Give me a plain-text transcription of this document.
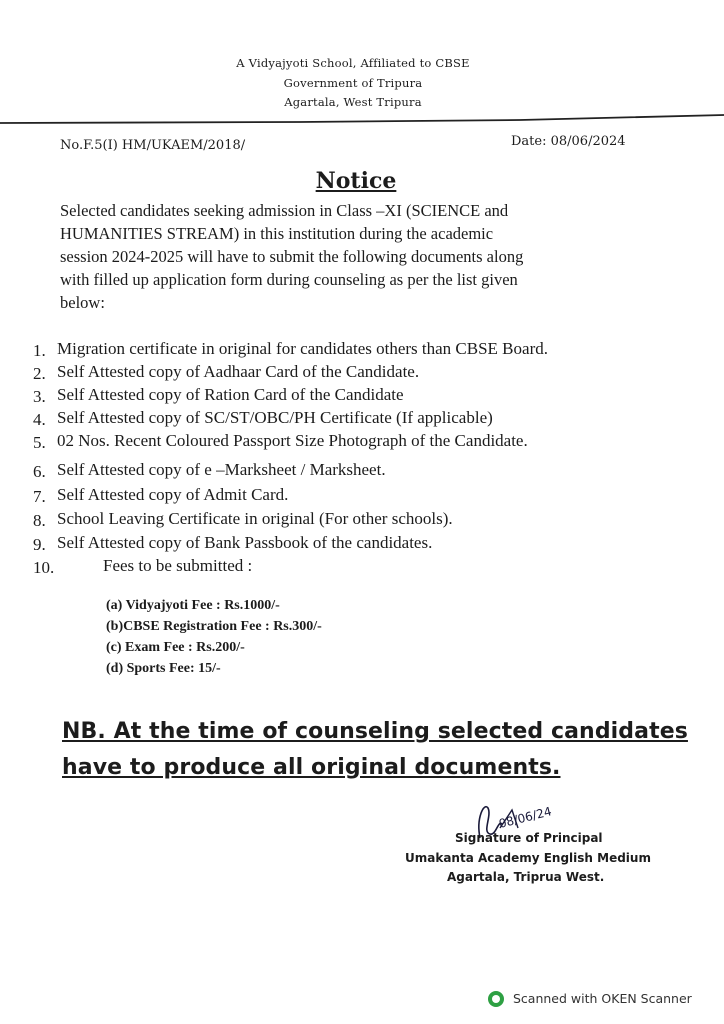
A Vidyajyoti School, Affiliated to CBSE
Government of Tripura
Agartala, West Tripura
No.F.5(I) HM/UKAEM/2018/	Date: 08/06/2024
Notice
Selected candidates seeking admission in Class –XI (SCIENCE and
HUMANITIES STREAM) in this institution during the academic
session 2024-2025 will have to submit the following documents along
with filled up application form during counseling as per the list given
below:
1. Migration certificate in original for candidates others than CBSE Board.
2. Self Attested copy of Aadhaar Card of the Candidate.
3. Self Attested copy of Ration Card of the Candidate
4. Self Attested copy of SC/ST/OBC/PH Certificate (If applicable)
5. 02 Nos. Recent Coloured Passport Size Photograph of the Candidate.
6. Self Attested copy of e –Marksheet / Marksheet.
7. Self Attested copy of Admit Card.
8. School Leaving Certificate in original (For other schools).
9. Self Attested copy of Bank Passbook of the candidates.
10.	Fees to be submitted :
(a) Vidyajyoti Fee : Rs.1000/-
(b)CBSE Registration Fee : Rs.300/-
(c) Exam Fee : Rs.200/-
(d) Sports Fee: 15/-
NB. At the time of counseling selected candidates
have to produce all original documents.
08/06/24
Signature of Principal
Umakanta Academy English Medium
Agartala, Triprua West.
Scanned with OKEN Scanner
